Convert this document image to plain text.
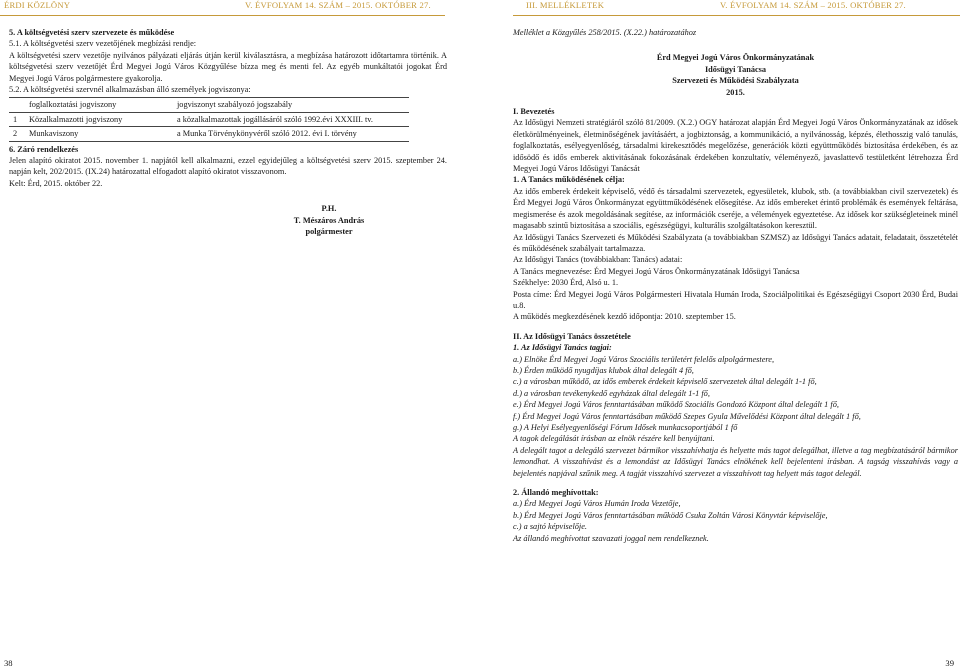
ÉRDI KÖZLÖNY	V. ÉVFOLYAM 14. SZÁM – 2015. OKTÓBER 27.	III. MELLÉKLETEK	V. ÉVFOLYAM 14. SZÁM – 2015. OKTÓBER 27.

5. A költségvetési szerv szervezete és működése

5.1. A költségvetési szerv vezetőjének megbízási rendje:

A költségvetési szerv vezetője nyilvános pályázati eljárás útján kerül kiválasztásra, a megbízása határozott időtartamra történik. A költségvetési szerv vezetőjét Érd Megyei Jogú Város Közgyűlése bízza meg és menti fel. Az egyéb munkáltatói jogokat Érd Megyei Jogú Város polgármestere gyakorolja.

5.2. A költségvetési szervnél alkalmazásban álló személyek jogviszonya:

	foglalkoztatási jogviszony	jogviszonyt szabályozó jogszabály
1	Közalkalmazotti jogviszony	a közalkalmazottak jogállásáról szóló 1992.évi XXXIII. tv.
2	Munkaviszony	a Munka Törvénykönyvéről szóló 2012. évi I. törvény

6. Záró rendelkezés

Jelen alapító okiratot 2015. november 1. napjától kell alkalmazni, ezzel egyidejűleg a költségvetési szerv 2015. szeptember 24. napján kelt, 202/2015. (IX.24) határozattal elfogadott alapító okiratot visszavonom.

Kelt: Érd, 2015. október 22.

P.H.
T. Mészáros András
polgármester

Melléklet a Közgyűlés 258/2015. (X.22.) határozatához

Érd Megyei Jogú Város Önkormányzatának
Idősügyi Tanácsa
Szervezeti és Működési Szabályzata
2015.

I. Bevezetés

Az Idősügyi Nemzeti stratégiáról szóló 81/2009. (X.2.) OGY határozat alapján Érd Megyei Jogú Város Önkormányzatának az idősek életkörülményeinek, életminőségének javításáért, a jogbiztonság, a kommunikáció, a nyilvánosság, képzés, élethosszig való tanulás, foglalkoztatás, esélyegyenlőség, társadalmi kirekesztődés megelőzése, generációk közti együttműködés biztosítása érdekében, és az idősödő és idős emberek aktivitásának fokozásának érdekében konzultatív, véleményező, javaslattevő testületként létrehozza Érd Megyei Jogú Város Idősügyi Tanácsát

1. A Tanács működésének célja:

Az idős emberek érdekeit képviselő, védő és társadalmi szervezetek, egyesületek, klubok, stb. (a továbbiakban civil szervezetek) és Érd Megyei Jogú Város Önkormányzat együttműködésének elősegítése. Az idős embereket érintő problémák és események feltárása, megismerése és azok megoldásának segítése, az információk cseréje, a vélemények egyeztetése. Az idősek kor szükségleteinek minél magasabb szintű biztosítása a szociális, egészségügyi, kulturális szolgáltatásokon keresztül.

Az Idősügyi Tanács Szervezeti és Működési Szabályzata (a továbbiakban SZMSZ) az Idősügyi Tanács adatait, feladatait, összetételét és működésének szabályait tartalmazza.

Az Idősügyi Tanács (továbbiakban: Tanács) adatai:

A Tanács megnevezése: Érd Megyei Jogú Város Önkormányzatának Idősügyi Tanácsa

Székhelye: 2030 Érd, Alsó u. 1.

Posta címe: Érd Megyei Jogú Város Polgármesteri Hivatala Humán Iroda, Szociálpolitikai és Egészségügyi Csoport 2030 Érd, Budai u.8.

A működés megkezdésének kezdő időpontja: 2010. szeptember 15.

II. Az Idősügyi Tanács összetétele

1. Az Idősügyi Tanács tagjai:

a.) Elnöke Érd Megyei Jogú Város Szociális területért felelős alpolgármestere,
b.) Érden működő nyugdíjas klubok által delegált 4 fő,
c.) a városban működő, az idős emberek érdekeit képviselő szervezetek által delegált 1-1 fő,
d.) a városban tevékenykedő egyházak által delegált 1-1 fő,
e.) Érd Megyei Jogú Város fenntartásában működő Szociális Gondozó Központ által delegált 1 fő,
f.) Érd Megyei Jogú Város fenntartásában működő Szepes Gyula Művelődési Központ által delegált 1 fő,
g.) A Helyi Esélyegyenlőségi Fórum Idősek munkacsoportjából 1 fő

A tagok delegálását írásban az elnök részére kell benyújtani.

A delegált tagot a delegáló szervezet bármikor visszahívhatja és helyette más tagot delegálhat, illetve a tag megbízatásáról bármikor lemondhat. A visszahívást és a lemondást az Idősügyi Tanács elnökének kell bejelenteni írásban. A tagság visszahívás vagy a bejelentés napjával szűnik meg. A tagját visszahívó szervezet a visszahívott tag helyett más tagot delegál.

2. Állandó meghívottak:

a.) Érd Megyei Jogú Város Humán Iroda Vezetője,
b.) Érd Megyei Jogú Város fenntartásában működő Csuka Zoltán Városi Könyvtár képviselője,
c.) a sajtó képviselője.

Az állandó meghívottat szavazati joggal nem rendelkeznek.

38	39
